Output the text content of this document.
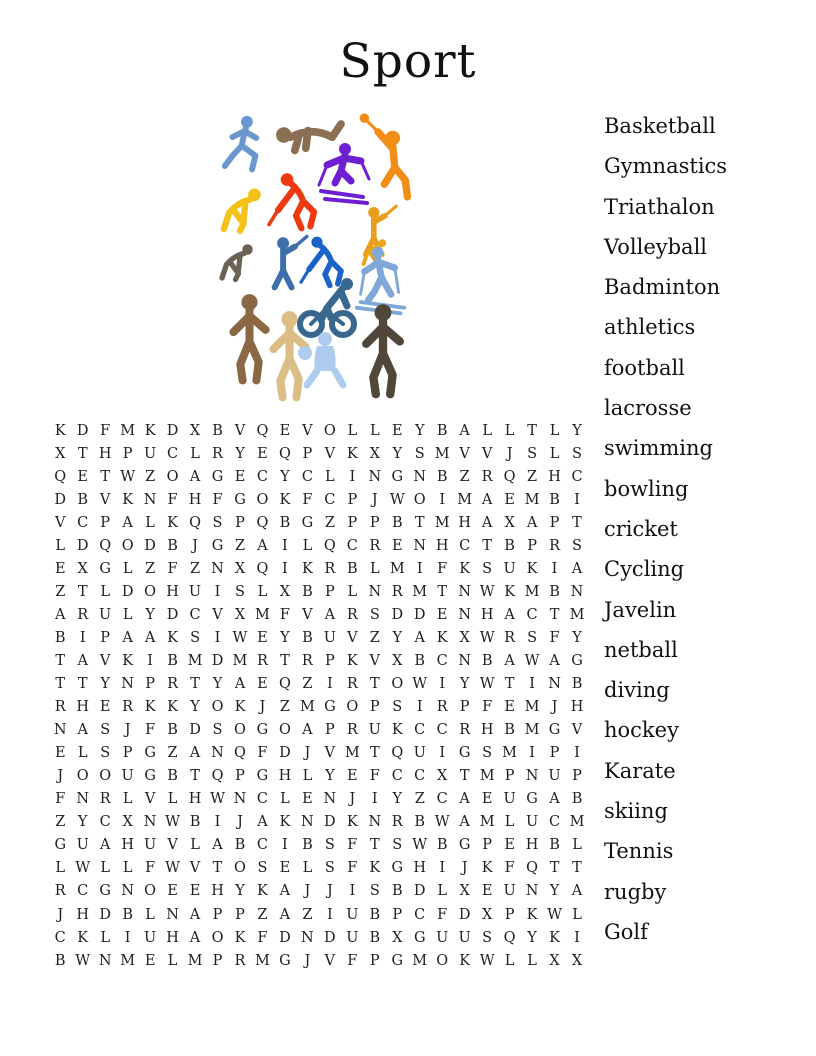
Sport
Basketball
Gymnastics
Triathalon
Volleyball
Badminton
athletics
football
lacrosse
swimming
bowling
cricket
Cycling
Javelin
netball
diving
hockey
Karate
skiing
Tennis
rugby
Golf
K D F M K D X B V Q E V O L L E Y B A L L T L Y
X T H P U C L R Y E Q P V K X Y S M V V J	S L S
Q E T W Z O A G E C Y C L	I N G N B Z R Q Z H C
D B V K N F H F G O K F C P	J W O I M A E M B I
V C P A L K Q S P Q B G Z P P B T M H A X A P T
L D Q O D B J G Z A I	L Q C R E N H C T B P R S
E X G L Z F Z N X Q I K R B L M I	F K S U K I A
Z T L D O H U I	S L X B P L N R M T N W K M B N
A R U L Y D C V X M F V A R S D D E N H A C T M
B I	P A A K S	I W E Y B U V Z Y A K X W R S F Y
T A V K I B M D M R T R P K V X B C N B A W A G
T T Y N P R T Y A E Q Z	I R T O W I	Y W T	I N B
R H E R K K Y O K J	Z M G O P S	I R P F E M J H
N A S	J	F B D S O G O A P R U K C C R H B M G V
E L S P G Z A N Q F D J V M T Q U I G S M I	P	I
J O O U G B T Q P G H L Y E F C C X T M P N U P
F N R L V L H W N C L E N J	I	Y Z C A E U G A B
Z Y C X N W B I	J A K N D K N R B W A M L U C M
G U A H U V L A B C I B S F T S W B G P E H B L
L W L L F W V T O S E L S F K G H I	J K F Q T T
R C G N O E E H Y K A J	J	I	S B D L X E U N Y A
J H D B L N A P P Z A Z	I U B P C F D X P K W L
C K L	I U H A O K F D N D U B X G U U S Q Y K I
B W N M E L M P R M G J V F P G M O K W L L X X
